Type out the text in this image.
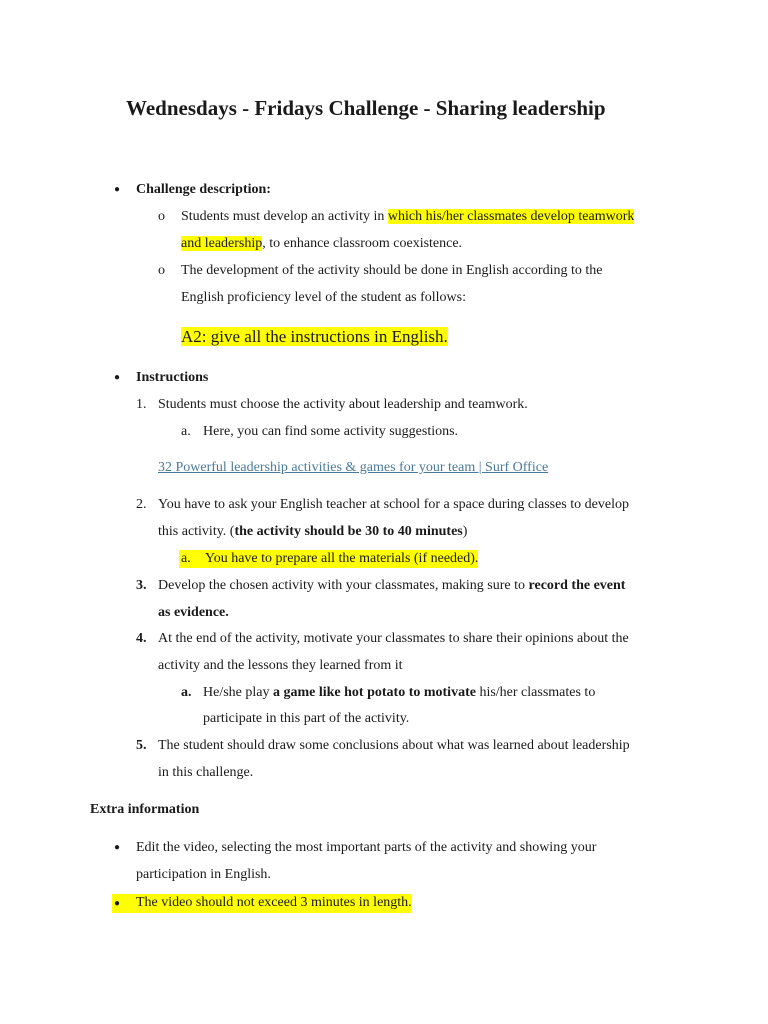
Wednesdays - Fridays Challenge - Sharing leadership
● Challenge description:
o Students must develop an activity in which his/her classmates develop teamwork
and leadership, to enhance classroom coexistence.
o The development of the activity should be done in English according to the
English proficiency level of the student as follows:
A2: give all the instructions in English.
● Instructions
1. Students must choose the activity about leadership and teamwork.
a. Here, you can find some activity suggestions.
32 Powerful leadership activities & games for your team | Surf Office
2. You have to ask your English teacher at school for a space during classes to develop
this activity. (the activity should be 30 to 40 minutes)
a. You have to prepare all the materials (if needed).
3. Develop the chosen activity with your classmates, making sure to record the event
as evidence.
4. At the end of the activity, motivate your classmates to share their opinions about the
activity and the lessons they learned from it
a. He/she play a game like hot potato to motivate his/her classmates to
participate in this part of the activity.
5. The student should draw some conclusions about what was learned about leadership
in this challenge.
Extra information
● Edit the video, selecting the most important parts of the activity and showing your
participation in English.
● The video should not exceed 3 minutes in length.
